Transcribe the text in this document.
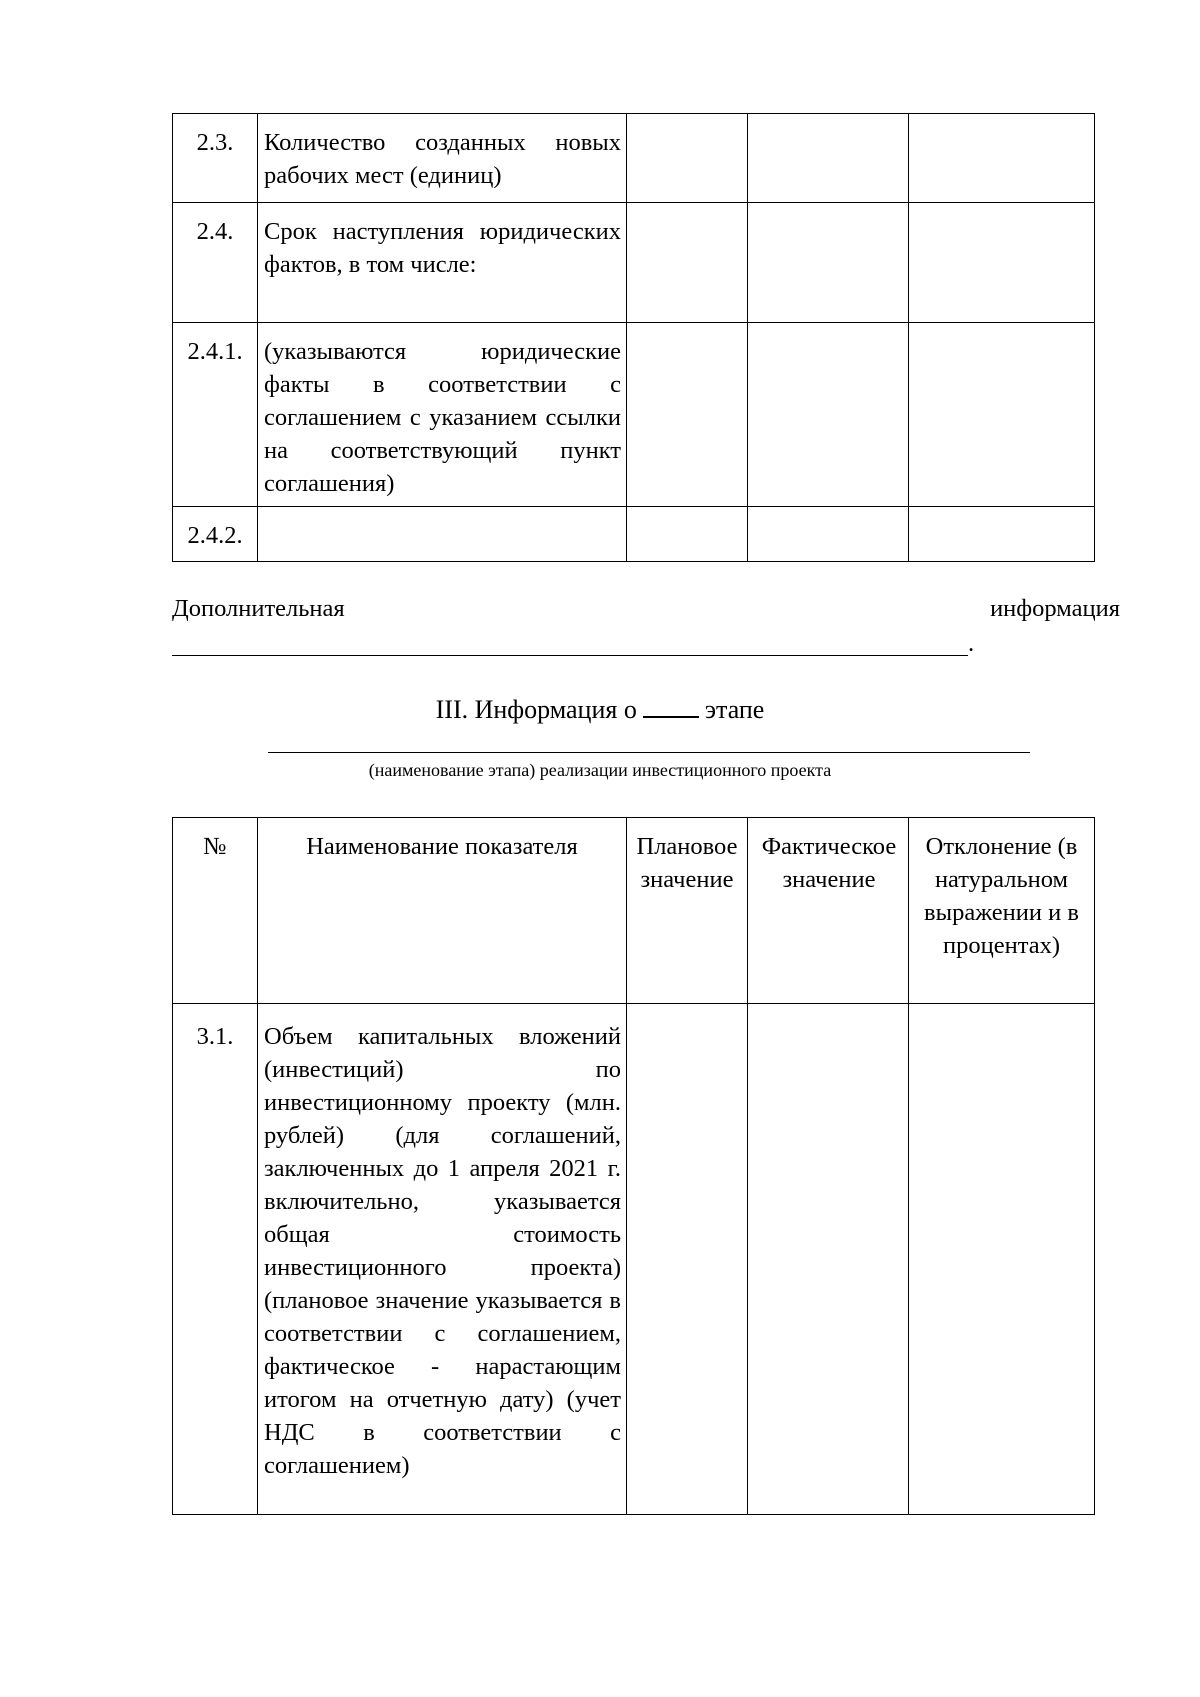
2.3.	Количество созданных новых рабочих мест (единиц)			
2.4.	Срок наступления юридических фактов, в том числе:			
2.4.1.	(указываются юридические факты в соответствии с соглашением с указанием ссылки на соответствующий пункт соглашения)			
2.4.2.				
Дополнительная	информация
.
III. Информация о	этапе
(наименование этапа) реализации инвестиционного проекта
№	Наименование показателя	Плановое значение	Фактическое значение	Отклонение (в натуральном выражении и в процентах)
3.1.	Объем капитальных вложений (инвестиций) по инвестиционному проекту (млн. рублей) (для соглашений, заключенных до 1 апреля 2021 г. включительно, указывается общая стоимость инвестиционного проекта) (плановое значение указывается в соответствии с соглашением, фактическое - нарастающим итогом на отчетную дату) (учет НДС в соответствии с соглашением)			
